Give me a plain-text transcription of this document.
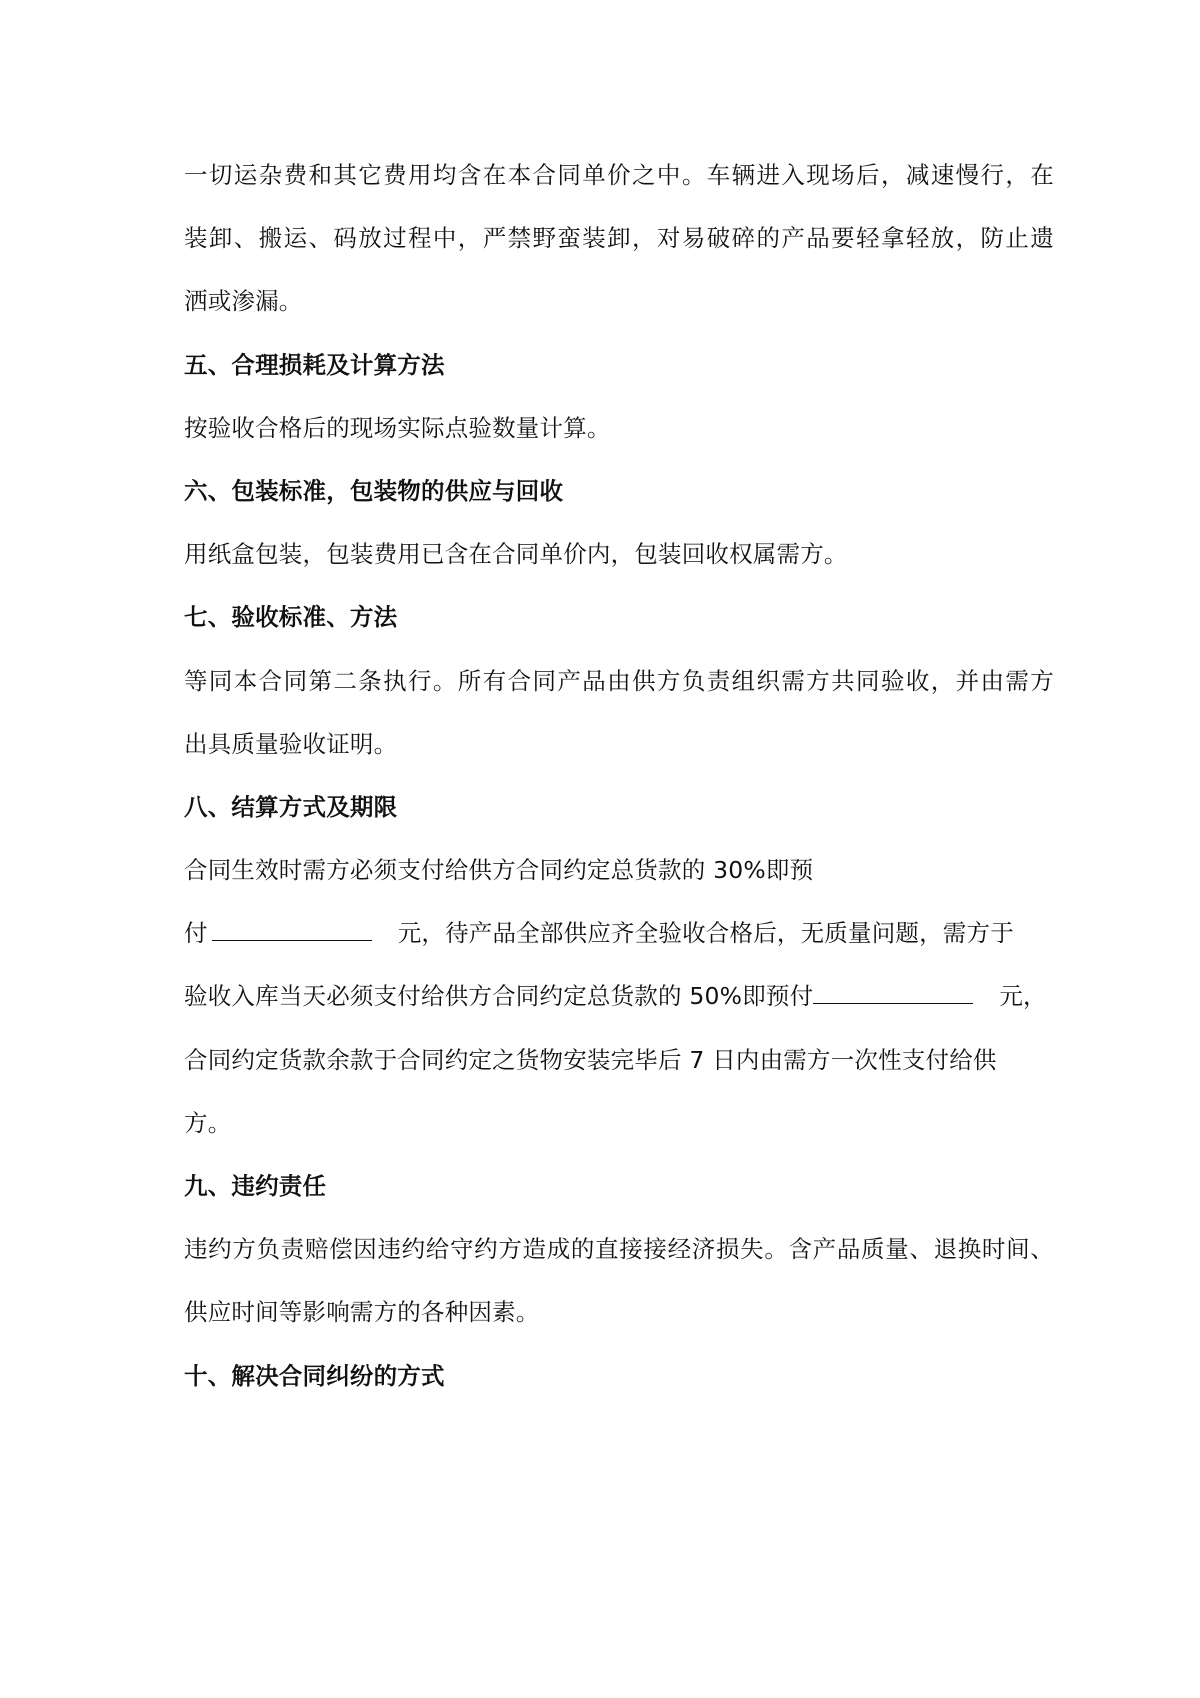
一切运杂费和其它费用均含在本合同单价之中。车辆进入现场后，减速慢行，在
装卸、搬运、码放过程中，严禁野蛮装卸，对易破碎的产品要轻拿轻放，防止遗
洒或渗漏。
五、合理损耗及计算方法
按验收合格后的现场实际点验数量计算。
六、包装标准，包装物的供应与回收
用纸盒包装，包装费用已含在合同单价内，包装回收权属需方。
七、验收标准、方法
等同本合同第二条执行。所有合同产品由供方负责组织需方共同验收，并由需方
出具质量验收证明。
八、结算方式及期限
合同生效时需方必须支付给供方合同约定总货款的 30%即预
付	元，待产品全部供应齐全验收合格后，无质量问题，需方于
验收入库当天必须支付给供方合同约定总货款的 50%即预付	元，
合同约定货款余款于合同约定之货物安装完毕后 7 日内由需方一次性支付给供
方。
九、违约责任
违约方负责赔偿因违约给守约方造成的直接接经济损失。含产品质量、退换时间、
供应时间等影响需方的各种因素。
十、解决合同纠纷的方式
